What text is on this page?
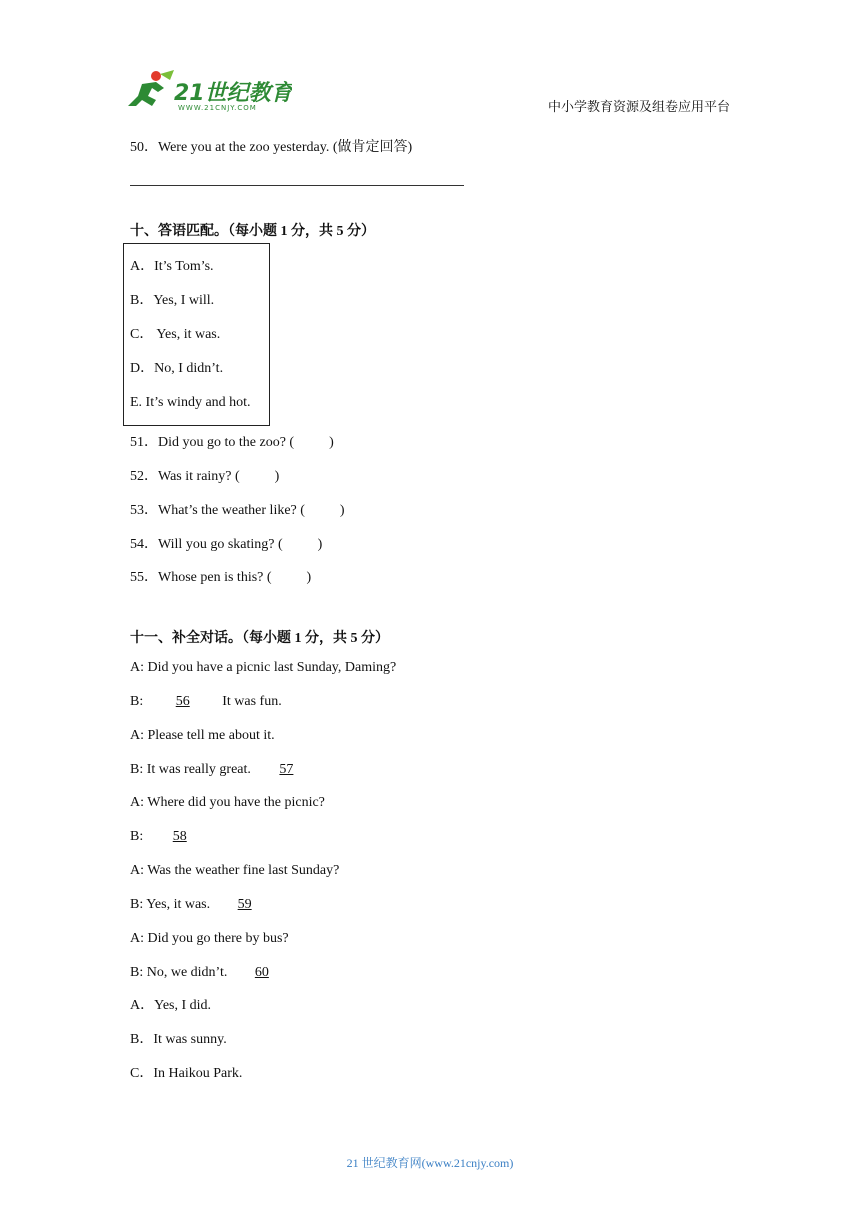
21世纪教育
WWW.21CNJY.COM	中小学教育资源及组卷应用平台
50．Were you at the zoo yesterday. (做肯定回答)
十、答语匹配。（每小题 1 分，共 5 分）
A．It’s Tom’s.
B．Yes, I will.
C． Yes, it was.
D．No, I didn’t.
E. It’s windy and hot.
51．Did you go to the zoo? (          )
52．Was it rainy? (          )
53．What’s the weather like? (          )
54．Will you go skating? (          )
55．Whose pen is this? (          )
十一、补全对话。（每小题 1 分，共 5 分）
A: Did you have a picnic last Sunday, Daming?
B: 56 It was fun.
A: Please tell me about it.
B: It was really great. 57
A: Where did you have the picnic?
B: 58
A: Was the weather fine last Sunday?
B: Yes, it was. 59
A: Did you go there by bus?
B: No, we didn’t. 60
A．Yes, I did.
B．It was sunny.
C．In Haikou Park.
21 世纪教育网(www.21cnjy.com)
